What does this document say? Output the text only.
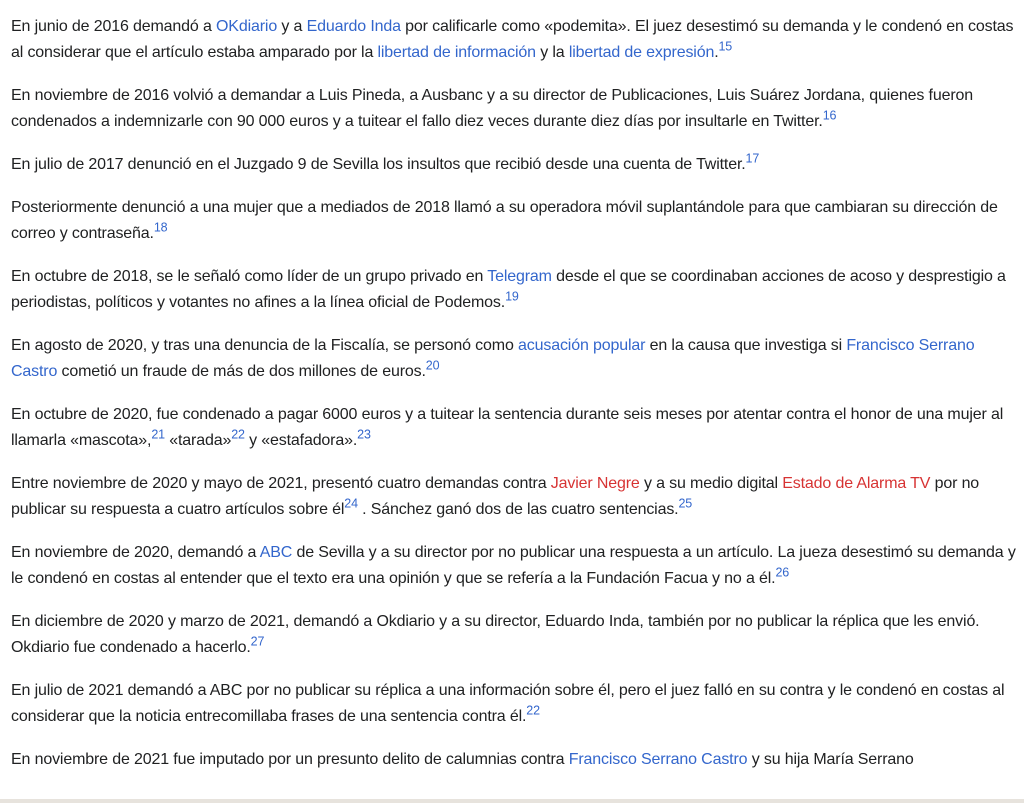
En junio de 2016 demandó a OKdiario y a Eduardo Inda por calificarle como «podemita». El juez desestimó su demanda y le condenó en costas al considerar que el artículo estaba amparado por la libertad de información y la libertad de expresión.$^{15}$

En noviembre de 2016 volvió a demandar a Luis Pineda, a Ausbanc y a su director de Publicaciones, Luis Suárez Jordana, quienes fueron condenados a indemnizarle con 90 000 euros y a tuitear el fallo diez veces durante diez días por insultarle en Twitter.$^{16}$

En julio de 2017 denunció en el Juzgado 9 de Sevilla los insultos que recibió desde una cuenta de Twitter.$^{17}$

Posteriormente denunció a una mujer que a mediados de 2018 llamó a su operadora móvil suplantándole para que cambiaran su dirección de correo y contraseña.$^{18}$

En octubre de 2018, se le señaló como líder de un grupo privado en Telegram desde el que se coordinaban acciones de acoso y desprestigio a periodistas, políticos y votantes no afines a la línea oficial de Podemos.$^{19}$

En agosto de 2020, y tras una denuncia de la Fiscalía, se personó como acusación popular en la causa que investiga si Francisco Serrano Castro cometió un fraude de más de dos millones de euros.$^{20}$

En octubre de 2020, fue condenado a pagar 6000 euros y a tuitear la sentencia durante seis meses por atentar contra el honor de una mujer al llamarla «mascota»,$^{21}$ «tarada»$^{22}$ y «estafadora».$^{23}$

Entre noviembre de 2020 y mayo de 2021, presentó cuatro demandas contra Javier Negre y a su medio digital Estado de Alarma TV por no publicar su respuesta a cuatro artículos sobre él$^{24}$ . Sánchez ganó dos de las cuatro sentencias.$^{25}$

En noviembre de 2020, demandó a ABC de Sevilla y a su director por no publicar una respuesta a un artículo. La jueza desestimó su demanda y le condenó en costas al entender que el texto era una opinión y que se refería a la Fundación Facua y no a él.$^{26}$

En diciembre de 2020 y marzo de 2021, demandó a Okdiario y a su director, Eduardo Inda, también por no publicar la réplica que les envió. Okdiario fue condenado a hacerlo.$^{27}$

En julio de 2021 demandó a ABC por no publicar su réplica a una información sobre él, pero el juez falló en su contra y le condenó en costas al considerar que la noticia entrecomillaba frases de una sentencia contra él.$^{22}$

En noviembre de 2021 fue imputado por un presunto delito de calumnias contra Francisco Serrano Castro y su hija María Serrano
